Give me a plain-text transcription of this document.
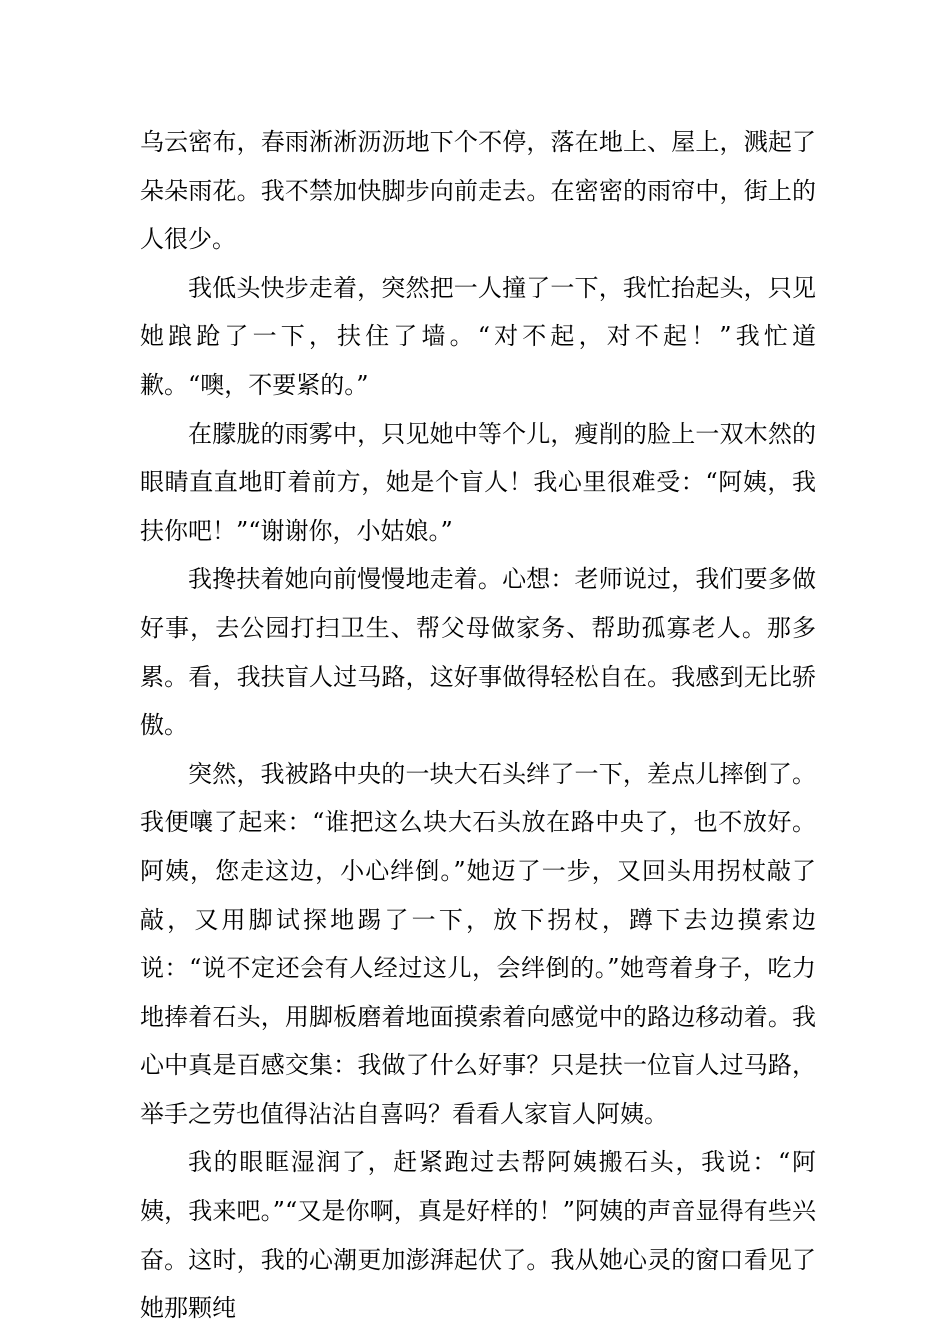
乌云密布，春雨淅淅沥沥地下个不停，落在地上、屋上，溅起了朵朵雨花。我不禁加快脚步向前走去。在密密的雨帘中，街上的人很少。

我低头快步走着，突然把一人撞了一下，我忙抬起头，只见她踉跄了一下，扶住了墙。“对不起，对不起！”我忙道歉。“噢，不要紧的。”

在朦胧的雨雾中，只见她中等个儿，瘦削的脸上一双木然的眼睛直直地盯着前方，她是个盲人！我心里很难受：“阿姨，我扶你吧！”“谢谢你，小姑娘。”

我搀扶着她向前慢慢地走着。心想：老师说过，我们要多做好事，去公园打扫卫生、帮父母做家务、帮助孤寡老人。那多累。看，我扶盲人过马路，这好事做得轻松自在。我感到无比骄傲。

突然，我被路中央的一块大石头绊了一下，差点儿摔倒了。我便嚷了起来：“谁把这么块大石头放在路中央了，也不放好。阿姨，您走这边，小心绊倒。”她迈了一步，又回头用拐杖敲了敲，又用脚试探地踢了一下，放下拐杖，蹲下去边摸索边说：“说不定还会有人经过这儿，会绊倒的。”她弯着身子，吃力地捧着石头，用脚板磨着地面摸索着向感觉中的路边移动着。我心中真是百感交集：我做了什么好事？只是扶一位盲人过马路，举手之劳也值得沾沾自喜吗？看看人家盲人阿姨。

我的眼眶湿润了，赶紧跑过去帮阿姨搬石头，我说：“阿姨，我来吧。”“又是你啊，真是好样的！”阿姨的声音显得有些兴奋。这时，我的心潮更加澎湃起伏了。我从她心灵的窗口看见了她那颗纯
